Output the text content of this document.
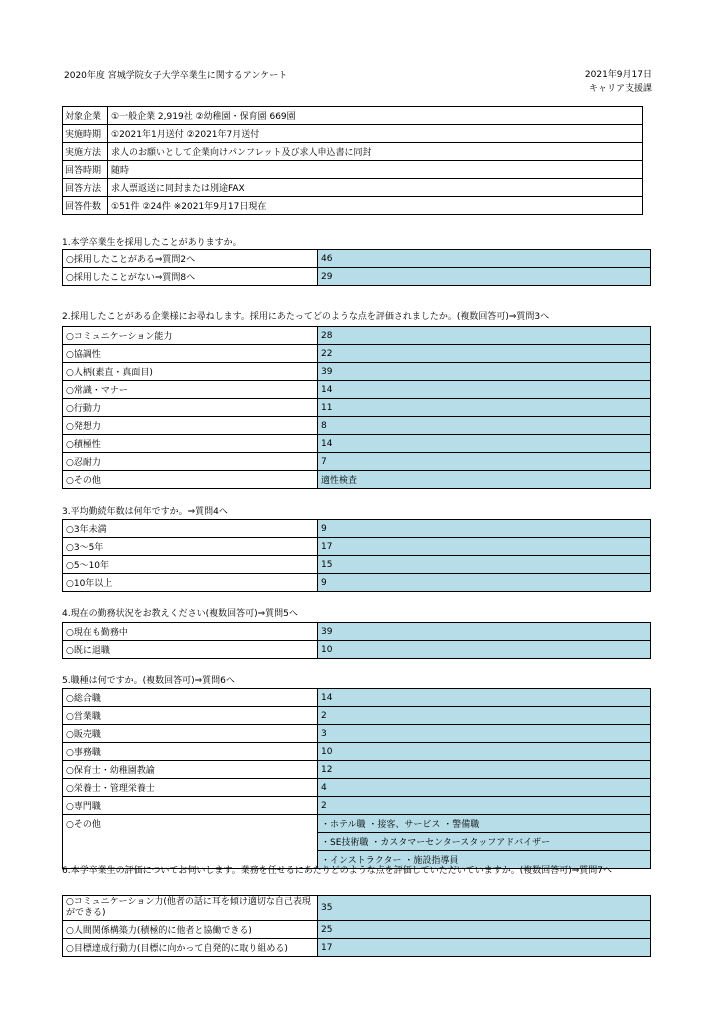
2020年度 宮城学院女子大学卒業生に関するアンケート	2021年9月17日
キャリア支援課
対象企業	①一般企業 2,919社 ②幼稚園・保育園 669園
実施時期	①2021年1月送付 ②2021年7月送付
実施方法	求人のお願いとして企業向けパンフレット及び求人申込書に同封
回答時期	随時
回答方法	求人票返送に同封または別途FAX
回答件数	①51件 ②24件 ※2021年9月17日現在
1.本学卒業生を採用したことがありますか。
○採用したことがある⇒質問2へ	46
○採用したことがない⇒質問8へ	29
2.採用したことがある企業様にお尋ねします。採用にあたってどのような点を評価されましたか。(複数回答可)⇒質問3へ
○コミュニケーション能力	28
○協調性	22
○人柄(素直・真面目)	39
○常識・マナー	14
○行動力	11
○発想力	8
○積極性	14
○忍耐力	7
○その他	適性検査
3.平均勤続年数は何年ですか。⇒質問4へ
○3年未満	9
○3～5年	17
○5～10年	15
○10年以上	9
4.現在の勤務状況をお教えください(複数回答可)⇒質問5へ
○現在も勤務中	39
○既に退職	10
5.職種は何ですか。(複数回答可)⇒質問6へ
○総合職	14
○営業職	2
○販売職	3
○事務職	10
○保育士・幼稚園教諭	12
○栄養士・管理栄養士	4
○専門職	2
○その他	・ホテル職 ・接客、サービス ・警備職
	・SE技術職 ・カスタマーセンタースタッフアドバイザー
	・インストラクター ・施設指導員
6.本学卒業生の評価についてお伺いします。業務を任せるにあたりどのような点を評価していただいていますか。(複数回答可)⇒質問7へ
○コミュニケーション力(他者の話に耳を傾け適切な自己表現ができる)	35
○人間関係構築力(積極的に他者と協働できる)	25
○目標達成行動力(目標に向かって自発的に取り組める)	17
